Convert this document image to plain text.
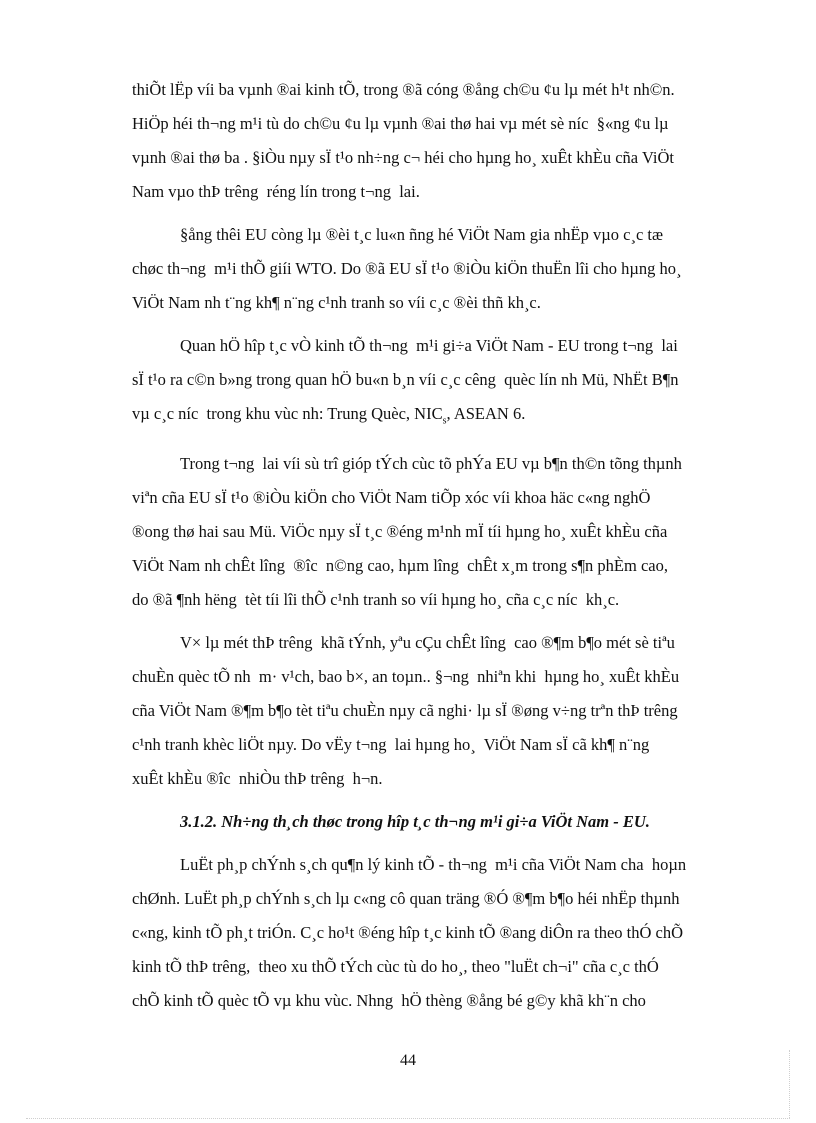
thiÕt lËp víi ba vµnh ®ai kinh tÕ, trong ®ã cóng ®ång ch©u ¢u lµ mét h¹t nh©n.
HiÖp héi th¬ng m¹i tù do ch©u ¢u lµ vµnh ®ai thø hai vµ mét sè níc  §«ng ¢u lµ
vµnh ®ai thø ba . §iÒu nµy sÏ t¹o nh÷ng c¬ héi cho hµng ho¸ xuÊt khÈu cña ViÖt
Nam vµo thÞ trêng  réng lín trong t¬ng  lai.

§ång thêi EU còng lµ ®èi t¸c lu«n ñng hé ViÖt Nam gia nhËp vµo c¸c tæ
chøc th¬ng  m¹i thÕ giíi WTO. Do ®ã EU sÏ t¹o ®iÒu kiÖn thuËn lîi cho hµng ho¸
ViÖt Nam nh t¨ng kh¶ n¨ng c¹nh tranh so víi c¸c ®èi thñ kh¸c.

Quan hÖ hîp t¸c vÒ kinh tÕ th¬ng  m¹i gi÷a ViÖt Nam - EU trong t¬ng  lai
sÏ t¹o ra c©n b»ng trong quan hÖ bu«n b¸n víi c¸c cêng  quèc lín nh Mü, NhËt B¶n
vµ c¸c níc  trong khu vùc nh: Trung Quèc, $NIC_s$, ASEAN 6.

Trong t¬ng  lai víi sù trî gióp tÝch cùc tõ phÝa EU vµ b¶n th©n tõng thµnh
viªn cña EU sÏ t¹o ®iÒu kiÖn cho ViÖt Nam tiÕp xóc víi khoa häc c«ng nghÖ
®ong thø hai sau Mü. ViÖc nµy sÏ t¸c ®éng m¹nh mÏ tíi hµng ho¸ xuÊt khÈu cña
ViÖt Nam nh chÊt lîng  ®îc  n©ng cao, hµm lîng  chÊt x¸m trong s¶n phÈm cao,
do ®ã ¶nh hëng  tèt tíi lîi thÕ c¹nh tranh so víi hµng ho¸ cña c¸c níc  kh¸c.

V× lµ mét thÞ trêng  khã tÝnh, yªu cÇu chÊt lîng  cao ®¶m b¶o mét sè tiªu
chuÈn quèc tÕ nh  m· v¹ch, bao b×, an toµn.. §¬ng  nhiªn khi  hµng ho¸ xuÊt khÈu
cña ViÖt Nam ®¶m b¶o tèt tiªu chuÈn nµy cã nghi· lµ sÏ ®øng v÷ng trªn thÞ trêng
c¹nh tranh khèc liÖt nµy. Do vËy t¬ng  lai hµng ho¸  ViÖt Nam sÏ cã kh¶ n¨ng
xuÊt khÈu ®îc  nhiÒu thÞ trêng  h¬n.

3.1.2. Nh÷ng th¸ch thøc trong hîp t¸c th¬ng m¹i gi÷a ViÖt Nam - EU.

LuËt ph¸p chÝnh s¸ch qu¶n lý kinh tÕ - th¬ng  m¹i cña ViÖt Nam cha  hoµn
chØnh. LuËt ph¸p chÝnh s¸ch lµ c«ng cô quan träng ®Ó ®¶m b¶o héi nhËp thµnh
c«ng, kinh tÕ ph¸t triÓn. C¸c ho¹t ®éng hîp t¸c kinh tÕ ®ang diÔn ra theo thÓ chÕ
kinh tÕ thÞ trêng,  theo xu thÕ tÝch cùc tù do ho¸, theo "luËt ch¬i" cña c¸c thÓ
chÕ kinh tÕ quèc tÕ vµ khu vùc. Nhng  hÖ thèng ®ång bé g©y khã kh¨n cho

44
